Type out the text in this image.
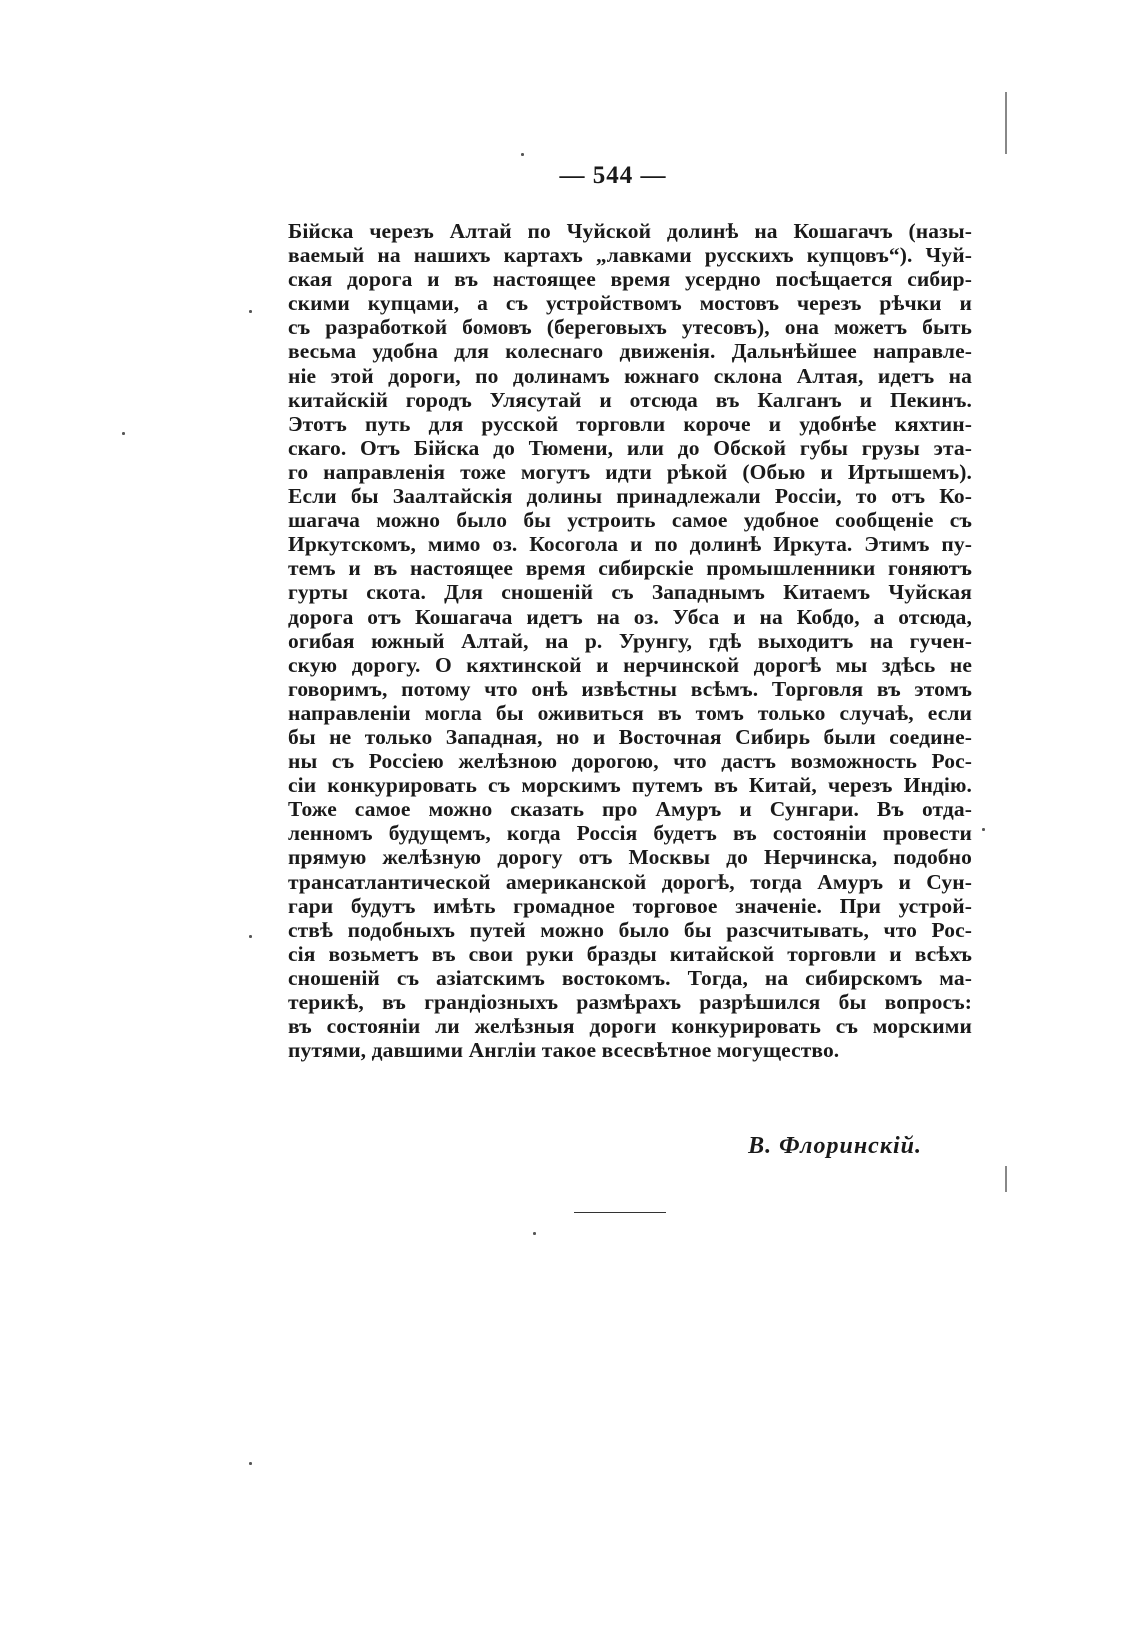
— 544 —
Бійска черезъ Алтай по Чуйской долинѣ на Кошагачъ (назы-
ваемый на нашихъ картахъ „лавками русскихъ купцовъ“). Чуй-
ская дорога и въ настоящее время усердно посѣщается сибир-
скими купцами, а съ устройствомъ мостовъ черезъ рѣчки и
съ разработкой бомовъ (береговыхъ утесовъ), она можетъ быть
весьма удобна для колеснаго движенія. Дальнѣйшее направле-
ніе этой дороги, по долинамъ южнаго склона Алтая, идетъ на
китайскій городъ Улясутай и отсюда въ Калганъ и Пекинъ.
Этотъ путь для русской торговли короче и удобнѣе кяхтин-
скаго. Отъ Бійска до Тюмени, или до Обской губы грузы эта-
го направленія тоже могутъ идти рѣкой (Обью и Иртышемъ).
Если бы Заалтайскія долины принадлежали Россіи, то отъ Ко-
шагача можно было бы устроить самое удобное сообщеніе съ
Иркутскомъ, мимо оз. Косогола и по долинѣ Иркута. Этимъ пу-
темъ и въ настоящее время сибирскіе промышленники гоняютъ
гурты скота. Для сношеній съ Западнымъ Китаемъ Чуйская
дорога отъ Кошагача идетъ на оз. Убса и на Кобдо, а отсюда,
огибая южный Алтай, на р. Урунгу, гдѣ выходитъ на гучен-
скую дорогу. О кяхтинской и нерчинской дорогѣ мы здѣсь не
говоримъ, потому что онѣ извѣстны всѣмъ. Торговля въ этомъ
направленіи могла бы оживиться въ томъ только случаѣ, если
бы не только Западная, но и Восточная Сибирь были соедине-
ны съ Россіею желѣзною дорогою, что дастъ возможность Рос-
сіи конкурировать съ морскимъ путемъ въ Китай, черезъ Индію.
Тоже самое можно сказать про Амуръ и Сунгари. Въ отда-
ленномъ будущемъ, когда Россія будетъ въ состояніи провести
прямую желѣзную дорогу отъ Москвы до Нерчинска, подобно
трансатлантической американской дорогѣ, тогда Амуръ и Сун-
гари будутъ имѣть громадное торговое значеніе. При устрой-
ствѣ подобныхъ путей можно было бы разсчитывать, что Рос-
сія возьметъ въ свои руки бразды китайской торговли и всѣхъ
сношеній съ азіатскимъ востокомъ. Тогда, на сибирскомъ ма-
терикѣ, въ грандіозныхъ размѣрахъ разрѣшился бы вопросъ:
въ состояніи ли желѣзныя дороги конкурировать съ морскими
путями, давшими Англіи такое всесвѣтное могущество.
В. Флоринскій.
